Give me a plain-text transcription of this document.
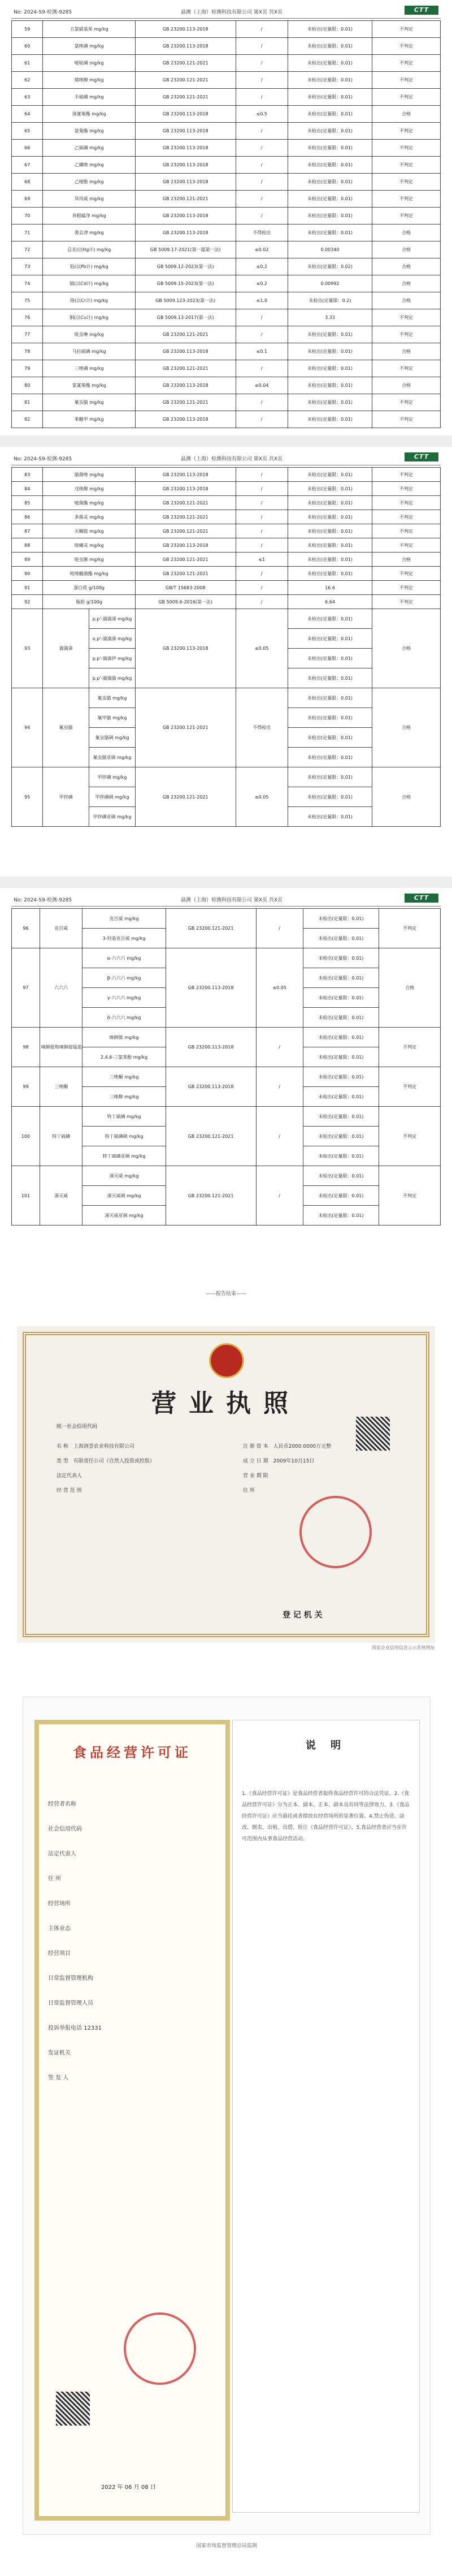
No: 2024-S9-检测-9285	晶测（上海）检测科技有限公司 第X页 共X页	CTT
59	五氯硝基苯 mg/kg	GB 23200.113-2018	/	未检出(定量限：0.01)	不判定
60	氯唑磷 mg/kg	GB 23200.113-2018	/	未检出(定量限：0.01)	不判定
61	嘧啶磷 mg/kg	GB 23200.121-2021	/	未检出(定量限：0.01)	不判定
62	烯唑醇 mg/kg	GB 23200.121-2021	/	未检出(定量限：0.01)	不判定
63	丰硫磷 mg/kg	GB 23200.121-2021	/	未检出(定量限：0.01)	不判定
64	溴氰菊酯 mg/kg	GB 23200.113-2018	≤0.5	未检出(定量限：0.01)	合格
65	氯菊酯 mg/kg	GB 23200.113-2018	/	未检出(定量限：0.01)	不判定
66	乙硫磷 mg/kg	GB 23200.113-2018	/	未检出(定量限：0.01)	不判定
67	乙螨唑 mg/kg	GB 23200.113-2018	/	未检出(定量限：0.01)	不判定
68	乙嘧酚 mg/kg	GB 23200.113-2018	/	未检出(定量限：0.01)	不判定
69	异丙威 mg/kg	GB 23200.121-2021	/	未检出(定量限：0.01)	不判定
70	异稻瘟净 mg/kg	GB 23200.113-2018	/	未检出(定量限：0.01)	不判定
71	莠去津 mg/kg	GB 23200.113-2018	不得检出	未检出(定量限：0.01)	合格
72	总汞(以Hg计) mg/kg	GB 5009.17-2021(第一篇第一法)	≤0.02	0.00340	合格
73	铅(以Pb计) mg/kg	GB 5009.12-2023(第一法)	≤0.2	未检出(定量限：0.02)	合格
74	镉(以Cd计) mg/kg	GB 5009.15-2023(第一法)	≤0.2	0.00992	合格
75	铬(以Cr计) mg/kg	GB 5009.123-2023(第一法)	≤1.0	未检出(定量限：0.2)	合格
76	铜(以Cu计) mg/kg	GB 5009.13-2017(第一法)	/	3.33	不判定
77	吡虫啉 mg/kg	GB 23200.121-2021	/	未检出(定量限：0.01)	不判定
78	马拉硫磷 mg/kg	GB 23200.113-2018	≤0.1	未检出(定量限：0.01)	合格
79	三唑磷 mg/kg	GB 23200.121-2021	/	未检出(定量限：0.01)	不判定
80	氯氰菊酯 mg/kg	GB 23200.113-2018	≤0.04	未检出(定量限：0.01)	合格
81	氟虫腈 mg/kg	GB 23200.121-2021	/	未检出(定量限：0.01)	不判定
82	苯醚甲 mg/kg	GB 23200.113-2018	/	未检出(定量限：0.01)	不判定
No: 2024-S9-检测-9285	晶测（上海）检测科技有限公司 第X页 共X页	CTT
83	腈菌唑 mg/kg		GB 23200.113-2018	/	未检出(定量限：0.01)	不判定
84	戊唑醇 mg/kg		GB 23200.113-2018	/	未检出(定量限：0.01)	不判定
85	嘧菌酯 mg/kg		GB 23200.121-2021	/	未检出(定量限：0.01)	不判定
86	多菌灵 mg/kg		GB 23200.121-2021	/	未检出(定量限：0.01)	不判定
87	灭蝇胺 mg/kg		GB 23200.121-2021	/	未检出(定量限：0.01)	不判定
88	哒螨灵 mg/kg		GB 23200.113-2018	/	未检出(定量限：0.01)	不判定
89	啶虫脒 mg/kg		GB 23200.121-2021	≤1	未检出(定量限：0.01)	合格
90	吡唑醚菌酯 mg/kg		GB 23200.121-2021	/	未检出(定量限：0.01)	不判定
91	蛋白质 g/100g		GB/T 15683-2008	/	16.6	不判定
92	脂肪 g/100g		GB 5009.6-2016(第一法)	/	6.64	不判定
93	滴滴涕	p,p'-滴滴涕 mg/kg	GB 23200.113-2018	≤0.05	未检出(定量限：0.01)	合格
		o,p'-滴滴涕 mg/kg			未检出(定量限：0.01)	
		p,p'-滴滴伊 mg/kg			未检出(定量限：0.01)	
		p,p'-滴滴滴 mg/kg			未检出(定量限：0.01)	
94	氟虫腈	氟虫腈 mg/kg	GB 23200.121-2021	不得检出	未检出(定量限：0.01)	合格
		氟甲腈 mg/kg			未检出(定量限：0.01)	
		氟虫腈砜 mg/kg			未检出(定量限：0.01)	
		氟虫腈亚砜 mg/kg			未检出(定量限：0.01)	
95	甲拌磷	甲拌磷 mg/kg	GB 23200.121-2021	≤0.05	未检出(定量限：0.01)	合格
		甲拌磷砜 mg/kg			未检出(定量限：0.01)	
		甲拌磷亚砜 mg/kg			未检出(定量限：0.01)	
No: 2024-S9-检测-9285	晶测（上海）检测科技有限公司 第X页 共X页	CTT
96	克百威	克百威 mg/kg	GB 23200.121-2021	/	未检出(定量限：0.01)	不判定
		3-羟基克百威 mg/kg			未检出(定量限：0.01)	
97	六六六	α-六六六 mg/kg	GB 23200.113-2018	≤0.05	未检出(定量限：0.01)	合格
		β-六六六 mg/kg			未检出(定量限：0.01)	
		γ-六六六 mg/kg			未检出(定量限：0.01)	
		δ-六六六 mg/kg			未检出(定量限：0.01)	
98	咪鲜胺和咪鲜胺锰盐	咪鲜胺 mg/kg	GB 23200.113-2018	/	未检出(定量限：0.01)	不判定
		2,4,6-三氯苯酚 mg/kg			未检出(定量限：0.01)	
99	三唑酮	三唑酮 mg/kg	GB 23200.113-2018	/	未检出(定量限：0.01)	不判定
		三唑醇 mg/kg			未检出(定量限：0.01)	
100	特丁硫磷	特丁硫磷 mg/kg	GB 23200.121-2021	/	未检出(定量限：0.01)	不判定
		特丁硫磷砜 mg/kg			未检出(定量限：0.01)	
		特丁硫磷亚砜 mg/kg			未检出(定量限：0.01)	
101	涕灭威	涕灭威 mg/kg	GB 23200.121-2021	/	未检出(定量限：0.01)	不判定
		涕灭威砜 mg/kg			未检出(定量限：0.01)	
		涕灭威亚砜 mg/kg			未检出(定量限：0.01)	
——报告结束——
营业执照
统一社会信用代码
名 称　 上海润荟农业科技有限公司
类 型　 有限责任公司（自然人投资或控股）
法定代表人
经 营 范 围
注 册 资 本　 人民币2000.0000万元整
成 立 日 期　 2009年10月15日
营 业 期 限
住 所
登 记 机 关
国家企业信用信息公示系统网址
食品经营许可证
经营者名称
社会信用代码
法定代表人
住 所
经营场所
主体业态
经营项目
日常监督管理机构
日常监督管理人员
投诉举报电话 12331
发证机关
签 发 人
2022 年 06 月 08 日
说 明
1.《食品经营许可证》是食品经营者取得食品经营许可的合法凭证。2.《食品经营许可证》分为正本、副本。正本、副本具有同等法律效力。3.《食品经营许可证》应当悬挂或者摆放在经营场所的显著位置。4.禁止伪造、涂改、倒卖、出租、出借、转让《食品经营许可证》。5.食品经营者应当在许可范围内从事食品经营活动。
国家市场监督管理总局监制
